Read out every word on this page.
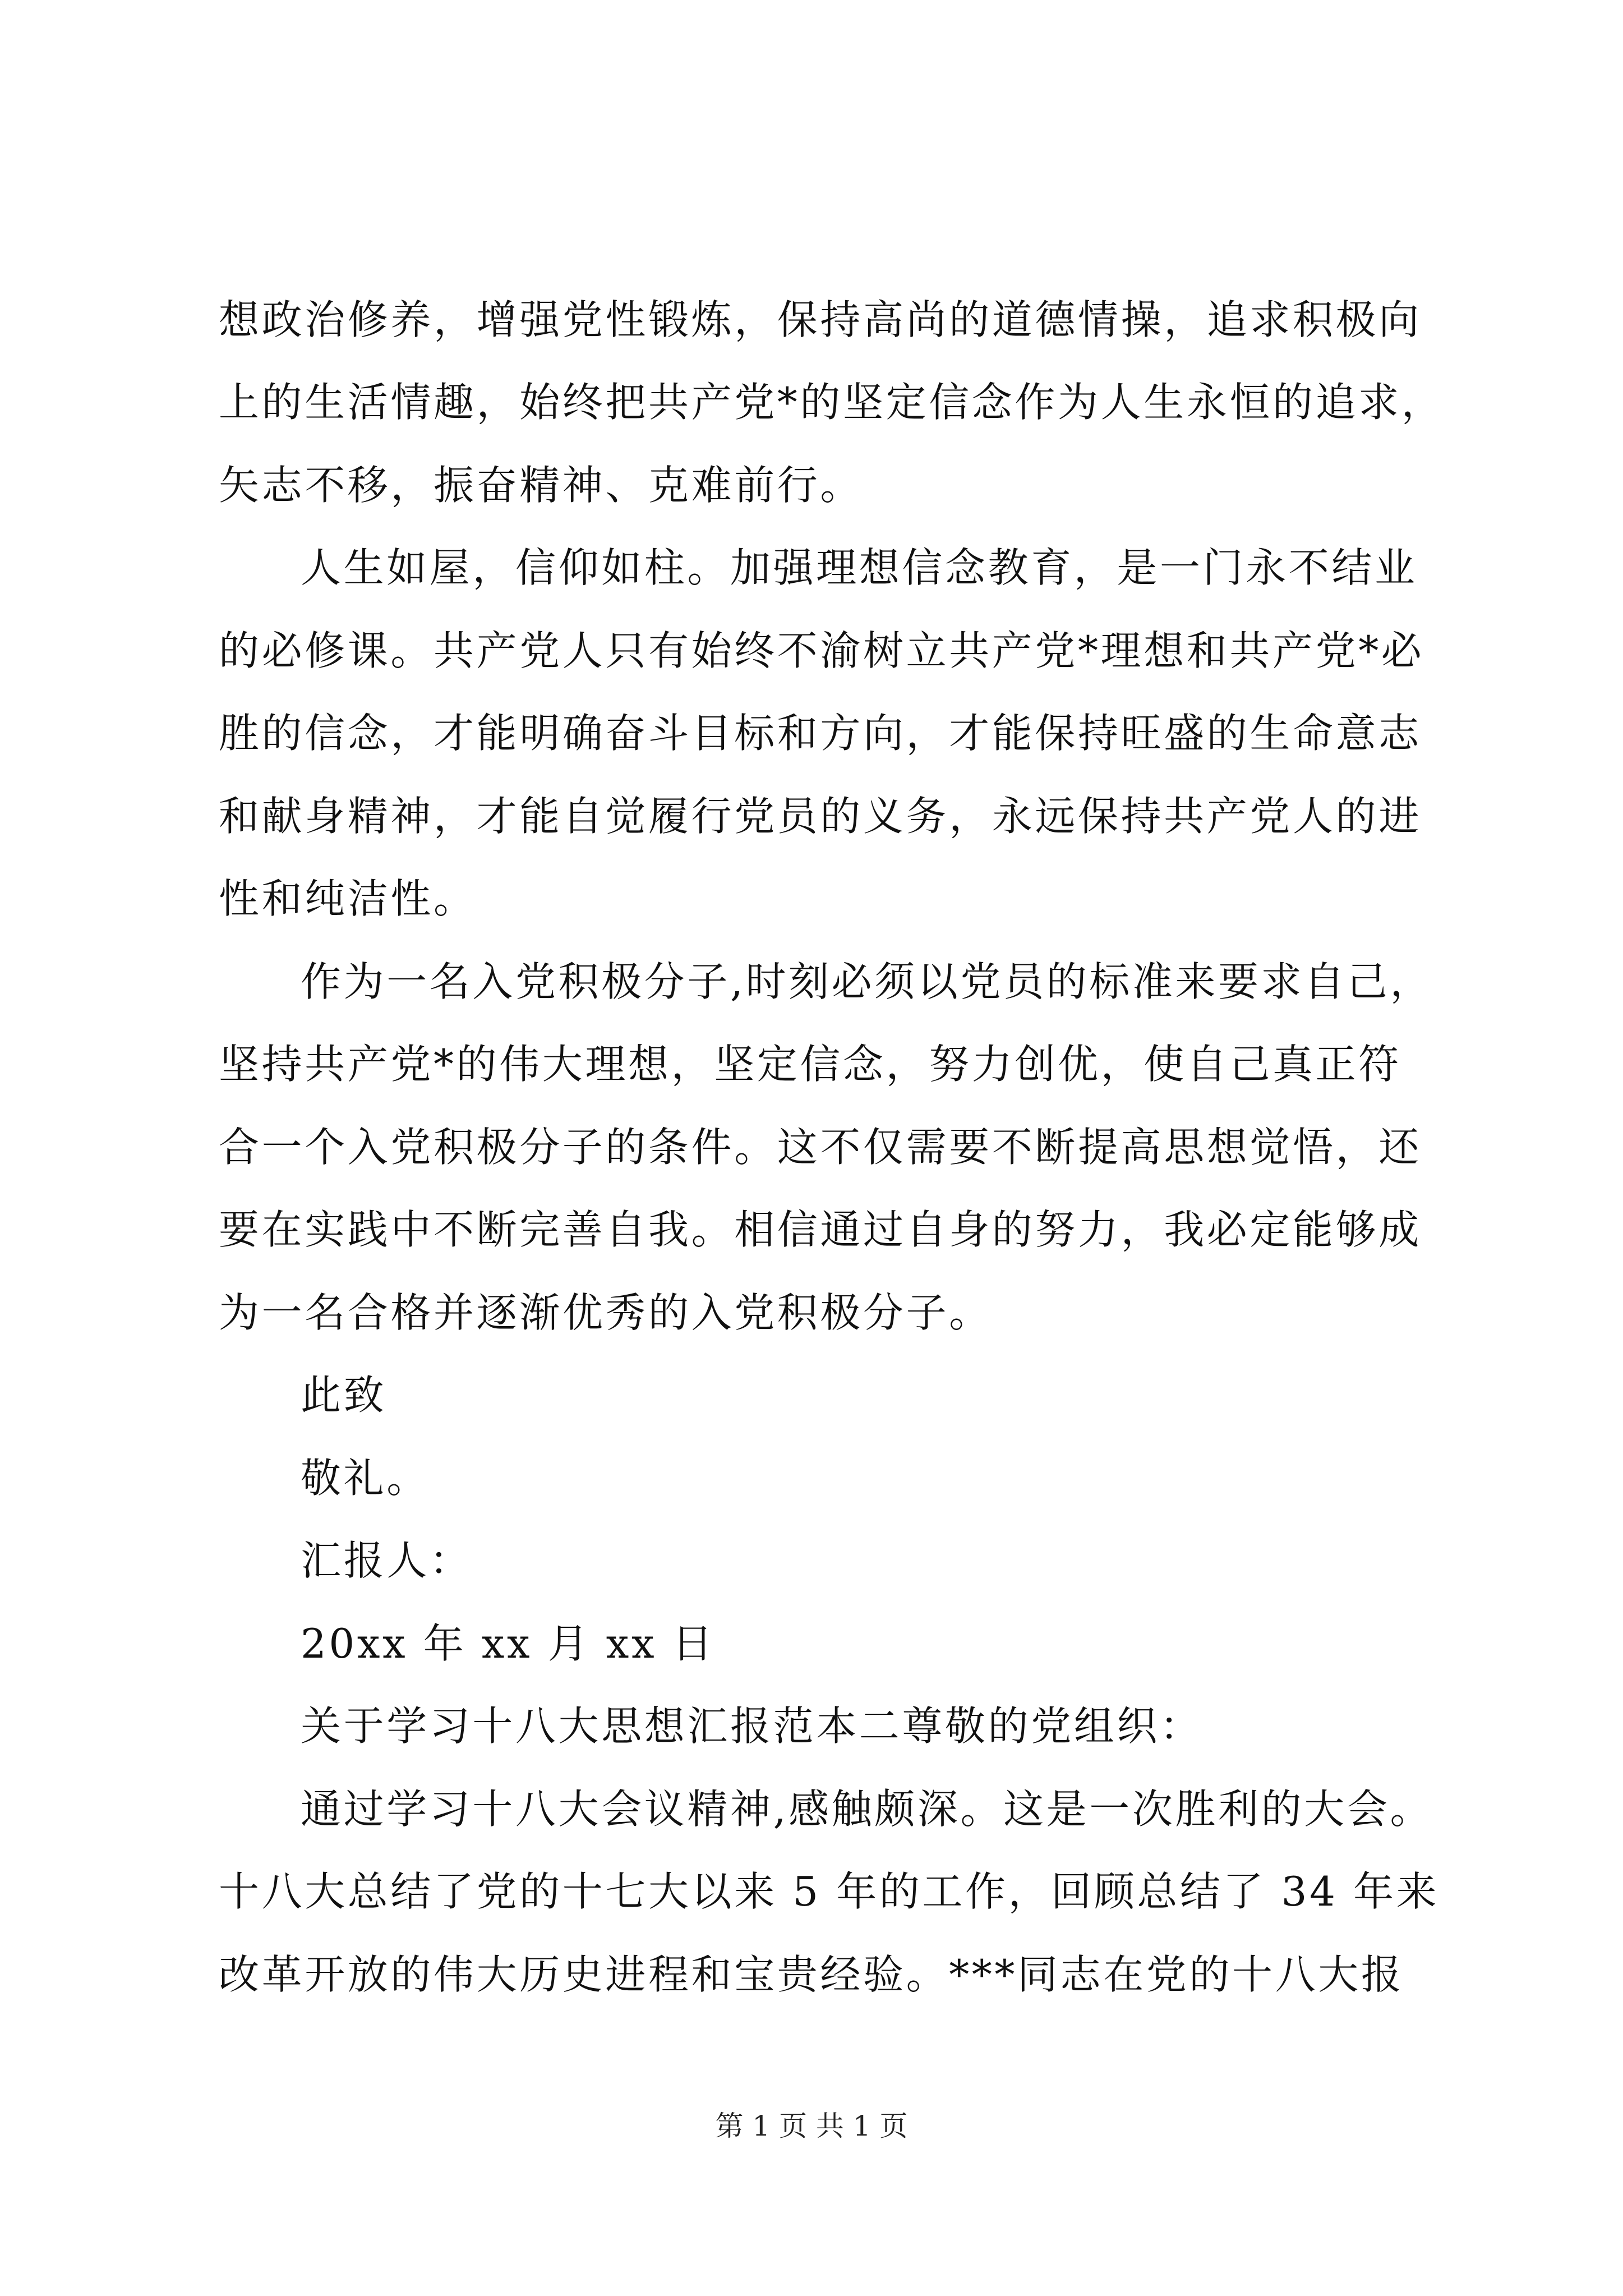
想政治修养，增强党性锻炼，保持高尚的道德情操，追求积极向
上的生活情趣，始终把共产党*的坚定信念作为人生永恒的追求，
矢志不移，振奋精神、克难前行。
人生如屋，信仰如柱。加强理想信念教育，是一门永不结业
的必修课。共产党人只有始终不渝树立共产党*理想和共产党*必
胜的信念，才能明确奋斗目标和方向，才能保持旺盛的生命意志
和献身精神，才能自觉履行党员的义务，永远保持共产党人的进
性和纯洁性。
作为一名入党积极分子,时刻必须以党员的标准来要求自己，
坚持共产党*的伟大理想，坚定信念，努力创优，使自己真正符
合一个入党积极分子的条件。这不仅需要不断提高思想觉悟，还
要在实践中不断完善自我。相信通过自身的努力，我必定能够成
为一名合格并逐渐优秀的入党积极分子。
此致
敬礼。
汇报人：
20xx 年 xx 月 xx 日
关于学习十八大思想汇报范本二尊敬的党组织：
通过学习十八大会议精神,感触颇深。这是一次胜利的大会。
十八大总结了党的十七大以来 5 年的工作，回顾总结了 34 年来
改革开放的伟大历史进程和宝贵经验。***同志在党的十八大报
第 1 页 共 1 页
